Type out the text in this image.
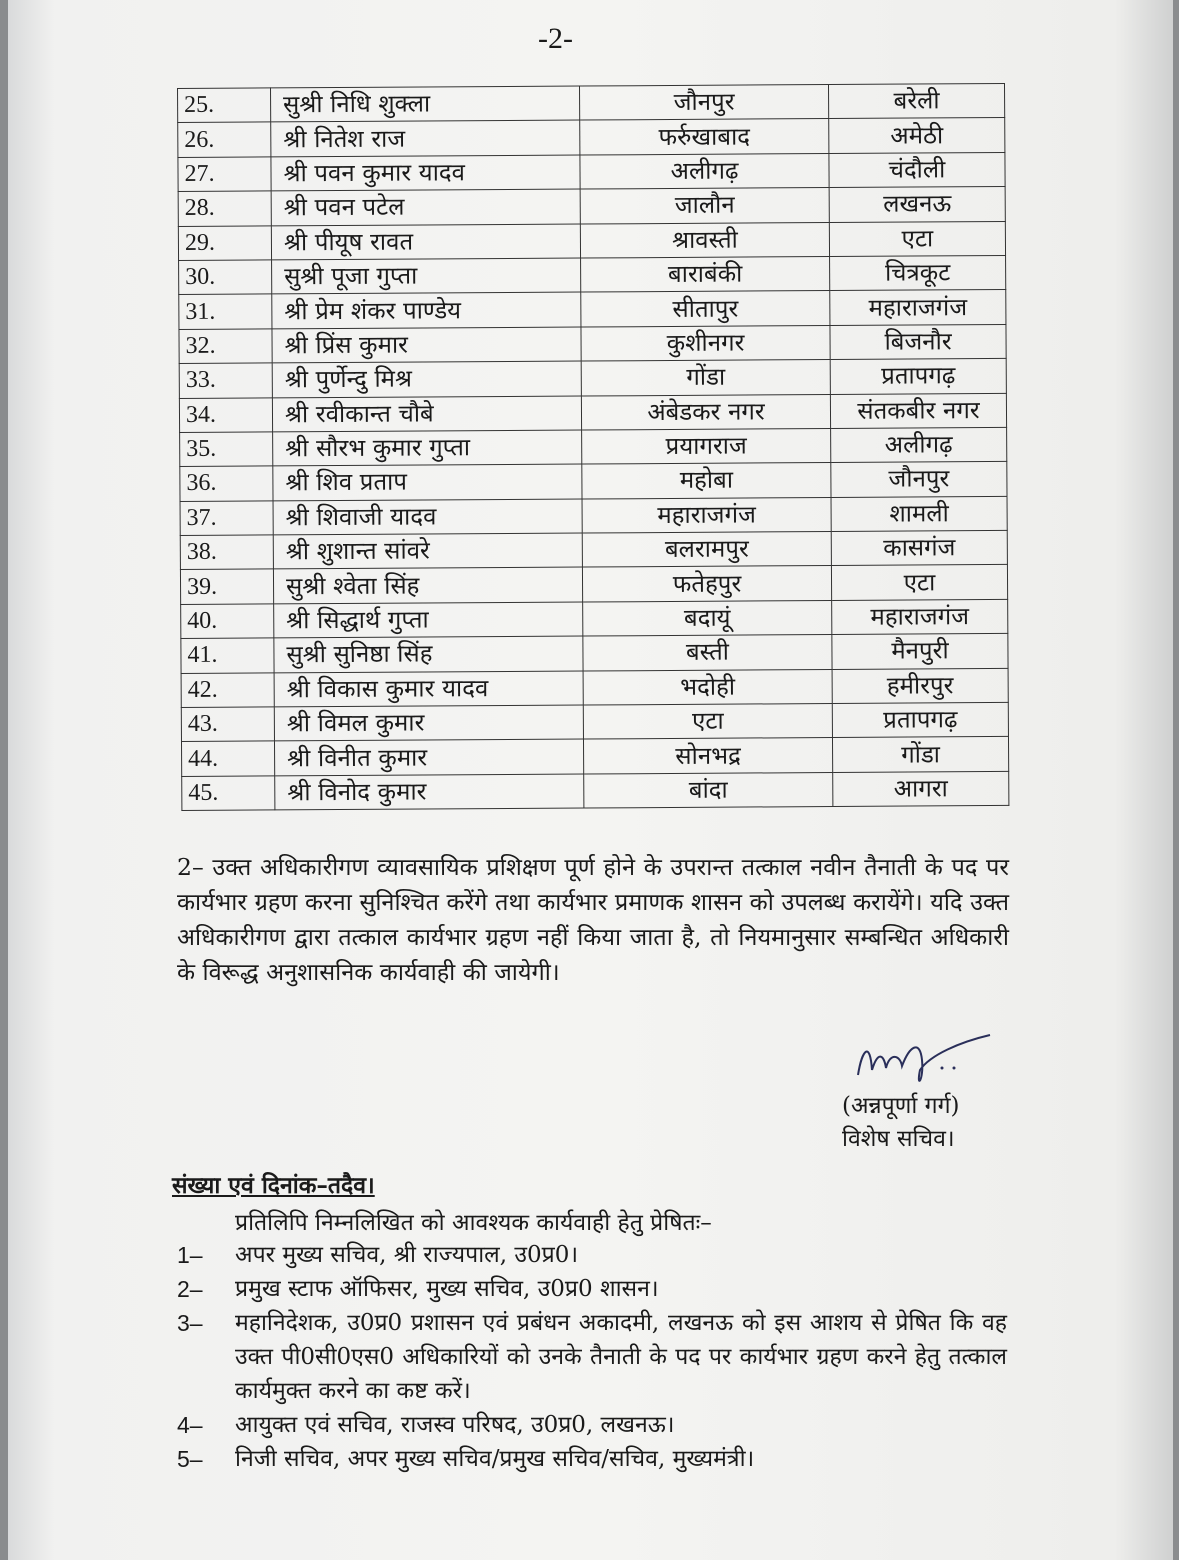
-2-
25.	सुश्री निधि शुक्ला	जौनपुर	बरेली
26.	श्री नितेश राज	फर्रुखाबाद	अमेठी
27.	श्री पवन कुमार यादव	अलीगढ़	चंदौली
28.	श्री पवन पटेल	जालौन	लखनऊ
29.	श्री पीयूष रावत	श्रावस्ती	एटा
30.	सुश्री पूजा गुप्ता	बाराबंकी	चित्रकूट
31.	श्री प्रेम शंकर पाण्डेय	सीतापुर	महाराजगंज
32.	श्री प्रिंस कुमार	कुशीनगर	बिजनौर
33.	श्री पुर्णेन्दु मिश्र	गोंडा	प्रतापगढ़
34.	श्री रवीकान्त चौबे	अंबेडकर नगर	संतकबीर नगर
35.	श्री सौरभ कुमार गुप्ता	प्रयागराज	अलीगढ़
36.	श्री शिव प्रताप	महोबा	जौनपुर
37.	श्री शिवाजी यादव	महाराजगंज	शामली
38.	श्री शुशान्त सांवरे	बलरामपुर	कासगंज
39.	सुश्री श्वेता सिंह	फतेहपुर	एटा
40.	श्री सिद्धार्थ गुप्ता	बदायूं	महाराजगंज
41.	सुश्री सुनिष्ठा सिंह	बस्ती	मैनपुरी
42.	श्री विकास कुमार यादव	भदोही	हमीरपुर
43.	श्री विमल कुमार	एटा	प्रतापगढ़
44.	श्री विनीत कुमार	सोनभद्र	गोंडा
45.	श्री विनोद कुमार	बांदा	आगरा
2– उक्त अधिकारीगण व्यावसायिक प्रशिक्षण पूर्ण होने के उपरान्त तत्काल नवीन तैनाती के पद पर कार्यभार ग्रहण करना सुनिश्चित करेंगे तथा कार्यभार प्रमाणक शासन को उपलब्ध करायेंगे। यदि उक्त अधिकारीगण द्वारा तत्काल कार्यभार ग्रहण नहीं किया जाता है, तो नियमानुसार सम्बन्धित अधिकारी के विरूद्ध अनुशासनिक कार्यवाही की जायेगी।
(अन्नपूर्णा गर्ग)
विशेष सचिव।
संख्या एवं दिनांक–तदैव।
प्रतिलिपि निम्नलिखित को आवश्यक कार्यवाही हेतु प्रेषितः–
1–	अपर मुख्य सचिव, श्री राज्यपाल, उ0प्र0।
2–	प्रमुख स्टाफ ऑफिसर, मुख्य सचिव, उ0प्र0 शासन।
3–	महानिदेशक, उ0प्र0 प्रशासन एवं प्रबंधन अकादमी, लखनऊ को इस आशय से प्रेषित कि वह उक्त पी0सी0एस0 अधिकारियों को उनके तैनाती के पद पर कार्यभार ग्रहण करने हेतु तत्काल कार्यमुक्त करने का कष्ट करें।
4–	आयुक्त एवं सचिव, राजस्व परिषद, उ0प्र0, लखनऊ।
5–	निजी सचिव, अपर मुख्य सचिव/प्रमुख सचिव/सचिव, मुख्यमंत्री।
